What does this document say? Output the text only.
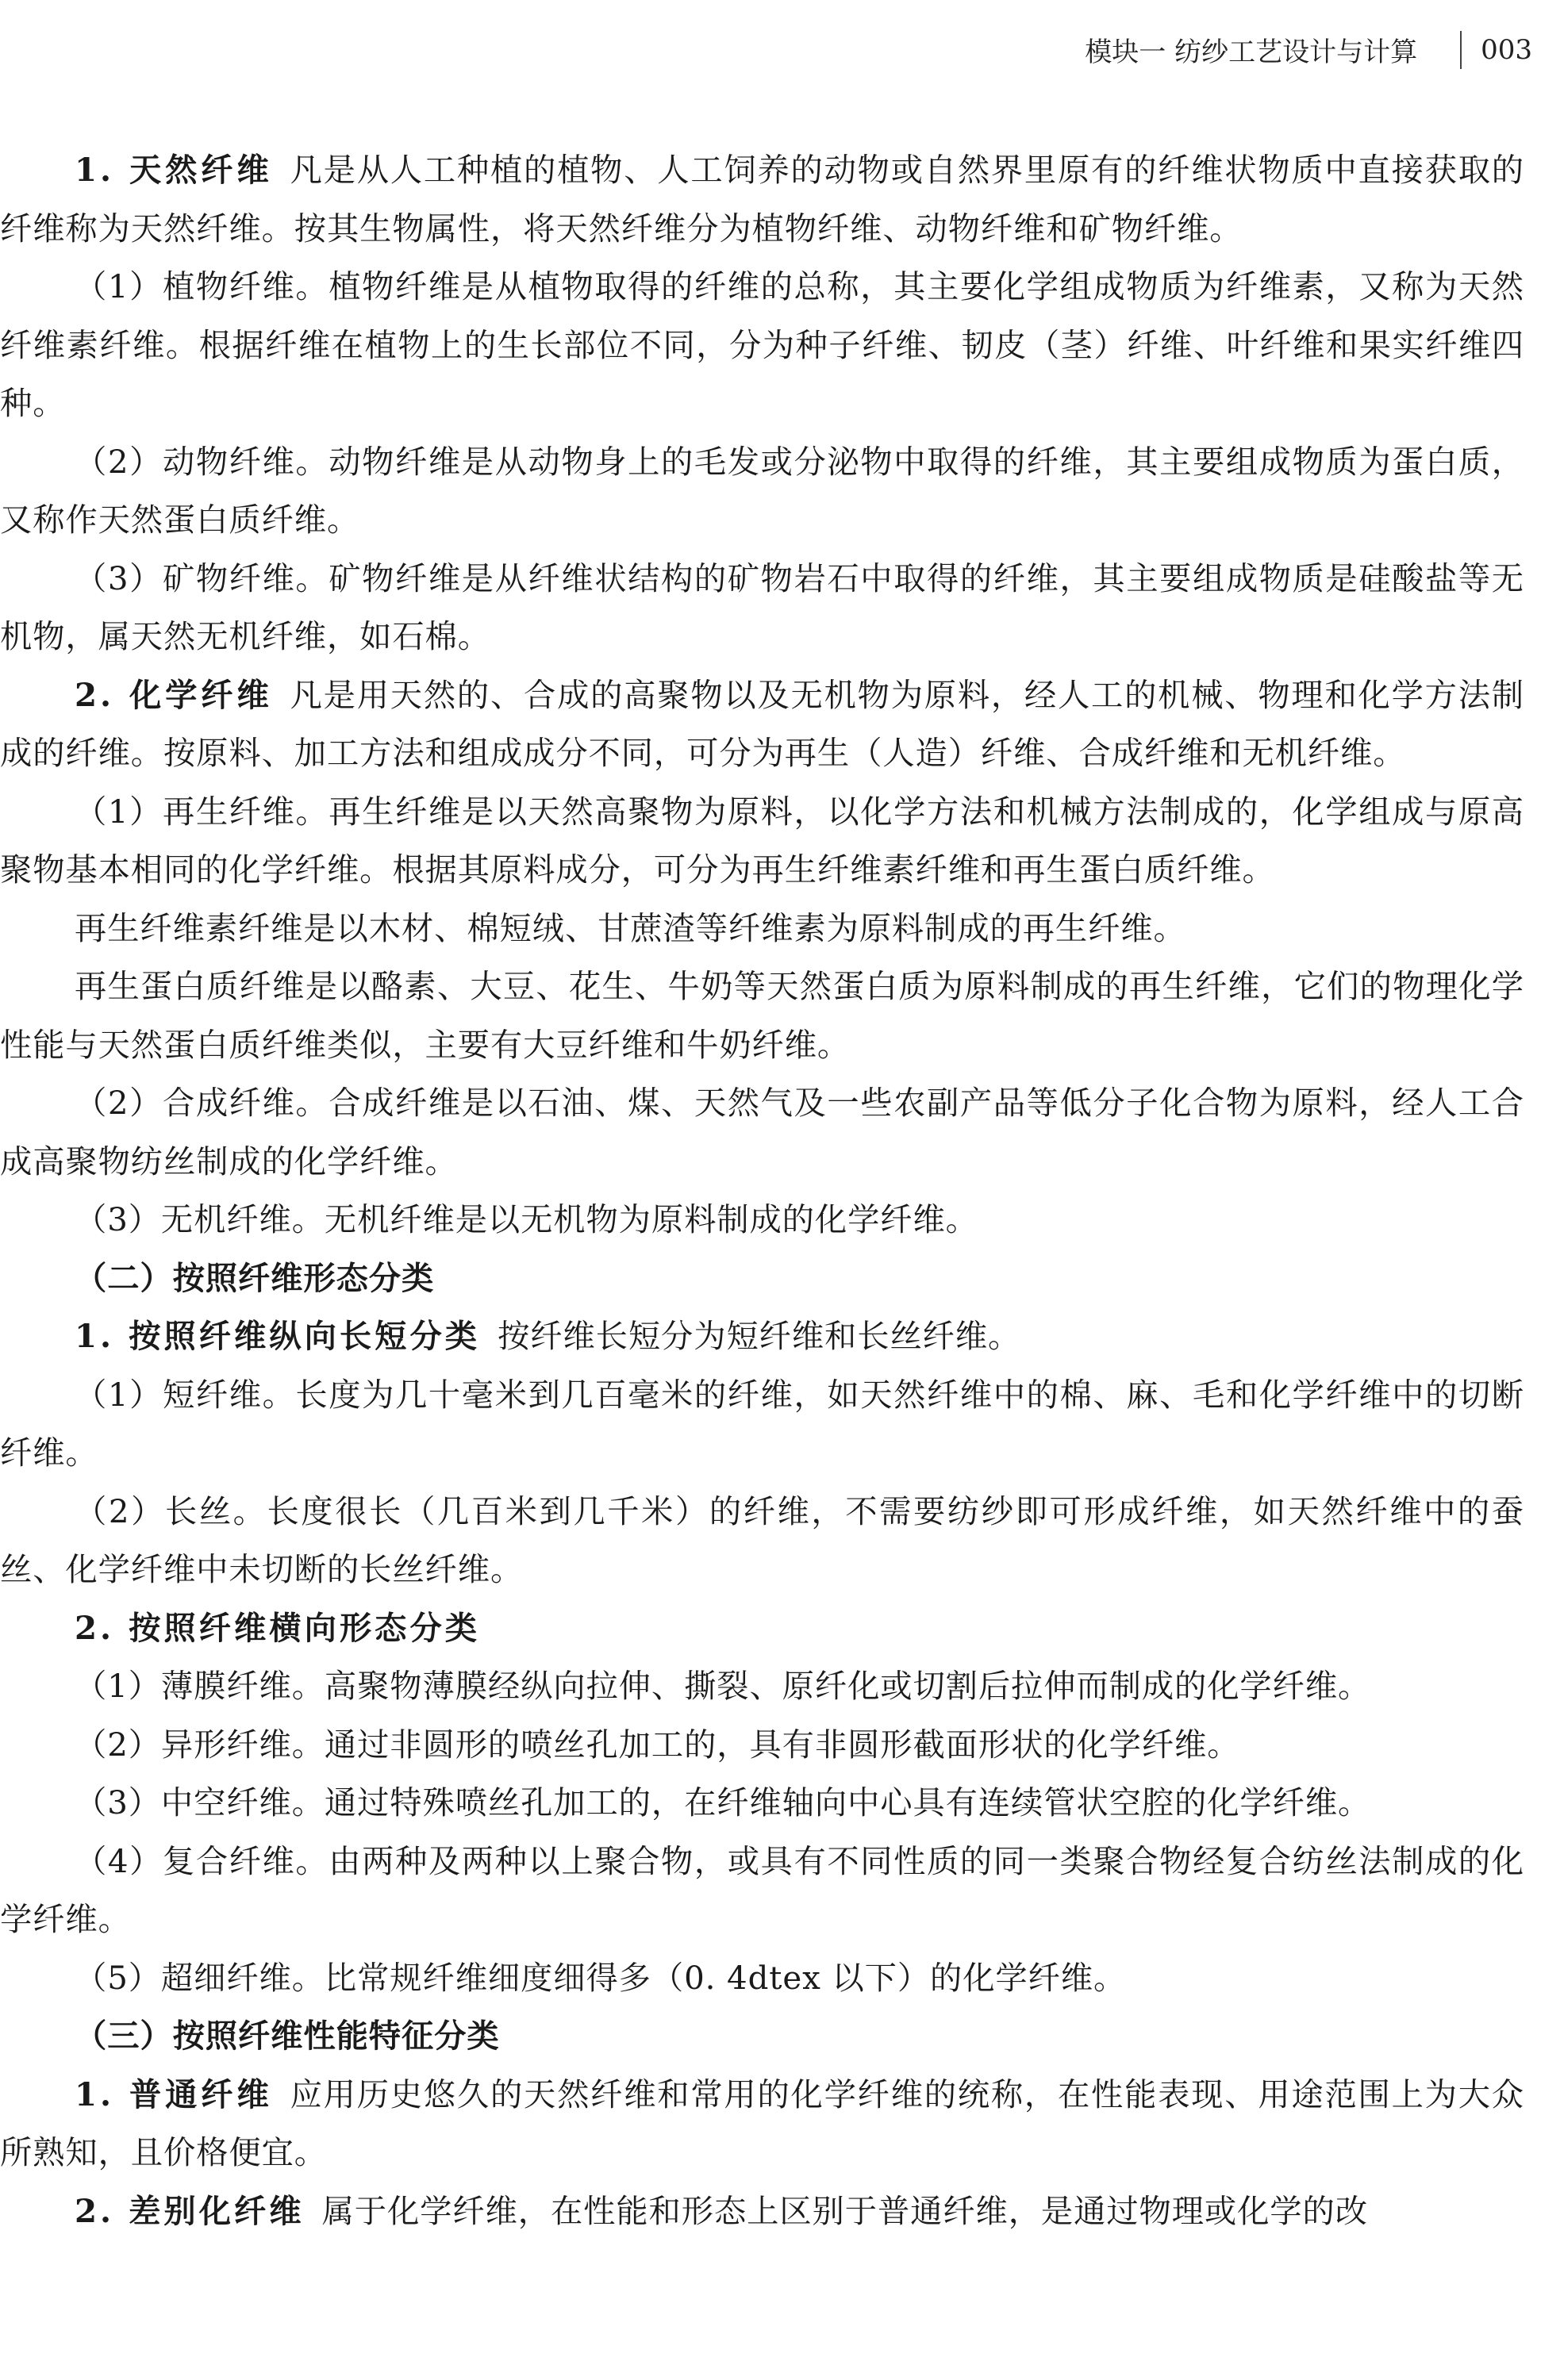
模块一 纺纱工艺设计与计算 003

1. 天然纤维 凡是从人工种植的植物、人工饲养的动物或自然界里原有的纤维状物质中直接获取的纤维称为天然纤维。按其生物属性，将天然纤维分为植物纤维、动物纤维和矿物纤维。

（1）植物纤维。植物纤维是从植物取得的纤维的总称，其主要化学组成物质为纤维素，又称为天然纤维素纤维。根据纤维在植物上的生长部位不同，分为种子纤维、韧皮（茎）纤维、叶纤维和果实纤维四种。

（2）动物纤维。动物纤维是从动物身上的毛发或分泌物中取得的纤维，其主要组成物质为蛋白质，又称作天然蛋白质纤维。

（3）矿物纤维。矿物纤维是从纤维状结构的矿物岩石中取得的纤维，其主要组成物质是硅酸盐等无机物，属天然无机纤维，如石棉。

2. 化学纤维 凡是用天然的、合成的高聚物以及无机物为原料，经人工的机械、物理和化学方法制成的纤维。按原料、加工方法和组成成分不同，可分为再生（人造）纤维、合成纤维和无机纤维。

（1）再生纤维。再生纤维是以天然高聚物为原料，以化学方法和机械方法制成的，化学组成与原高聚物基本相同的化学纤维。根据其原料成分，可分为再生纤维素纤维和再生蛋白质纤维。

再生纤维素纤维是以木材、棉短绒、甘蔗渣等纤维素为原料制成的再生纤维。

再生蛋白质纤维是以酪素、大豆、花生、牛奶等天然蛋白质为原料制成的再生纤维，它们的物理化学性能与天然蛋白质纤维类似，主要有大豆纤维和牛奶纤维。

（2）合成纤维。合成纤维是以石油、煤、天然气及一些农副产品等低分子化合物为原料，经人工合成高聚物纺丝制成的化学纤维。

（3）无机纤维。无机纤维是以无机物为原料制成的化学纤维。

（二）按照纤维形态分类

1. 按照纤维纵向长短分类 按纤维长短分为短纤维和长丝纤维。

（1）短纤维。长度为几十毫米到几百毫米的纤维，如天然纤维中的棉、麻、毛和化学纤维中的切断纤维。

（2）长丝。长度很长（几百米到几千米）的纤维，不需要纺纱即可形成纤维，如天然纤维中的蚕丝、化学纤维中未切断的长丝纤维。

2. 按照纤维横向形态分类

（1）薄膜纤维。高聚物薄膜经纵向拉伸、撕裂、原纤化或切割后拉伸而制成的化学纤维。

（2）异形纤维。通过非圆形的喷丝孔加工的，具有非圆形截面形状的化学纤维。

（3）中空纤维。通过特殊喷丝孔加工的，在纤维轴向中心具有连续管状空腔的化学纤维。

（4）复合纤维。由两种及两种以上聚合物，或具有不同性质的同一类聚合物经复合纺丝法制成的化学纤维。

（5）超细纤维。比常规纤维细度细得多（0. 4dtex 以下）的化学纤维。

（三）按照纤维性能特征分类

1. 普通纤维 应用历史悠久的天然纤维和常用的化学纤维的统称，在性能表现、用途范围上为大众所熟知，且价格便宜。

2. 差别化纤维 属于化学纤维，在性能和形态上区别于普通纤维，是通过物理或化学的改
